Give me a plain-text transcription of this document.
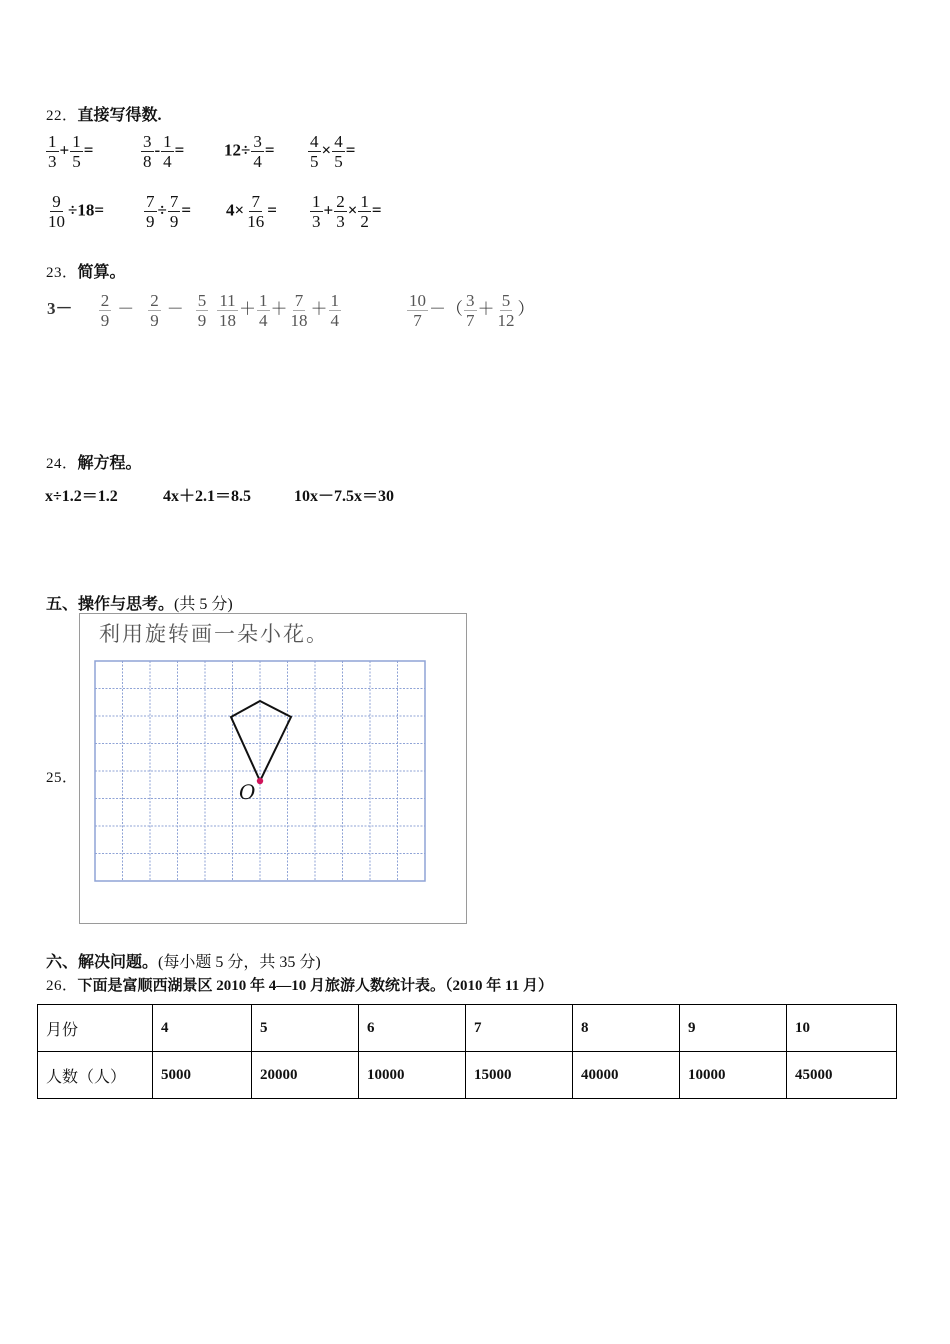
22．直接写得数.
$\frac{1}{3} + \frac{1}{5}$ =	$\frac{3}{8} - \frac{1}{4} = 12\div \frac{3}{4} = \frac{4}{5} \times \frac{4}{5}$ =
$\frac{9}{10} \div 18= \frac{7}{9} \div \frac{7}{9} = 4\times \frac{7}{16} = \frac{1}{3} + \frac{2}{3} \times \frac{1}{2}$ =
23．简算。
$3- \frac{2}{9} - \frac{2}{9} - \frac{5}{9} \frac{11}{18} + \frac{1}{4} + \frac{7}{18} + \frac{1}{4}$	$\frac{10}{7}$ －（ $\frac{3}{7} + \frac{5}{12}$ ）
24．解方程。
x÷1.2＝1.2	4x＋2.1＝8.5	10x－7.5x＝30
五、操作与思考。(共 5 分)
25．
利用旋转画一朵小花。
O
六、解决问题。(每小题 5 分，共 35 分)
26．下面是富顺西湖景区 2010 年 4—10 月旅游人数统计表。（2010 年 11 月）
月份	4	5	6	7	8	9	10
人数（人）	5000	20000	10000	15000	40000	10000	45000
